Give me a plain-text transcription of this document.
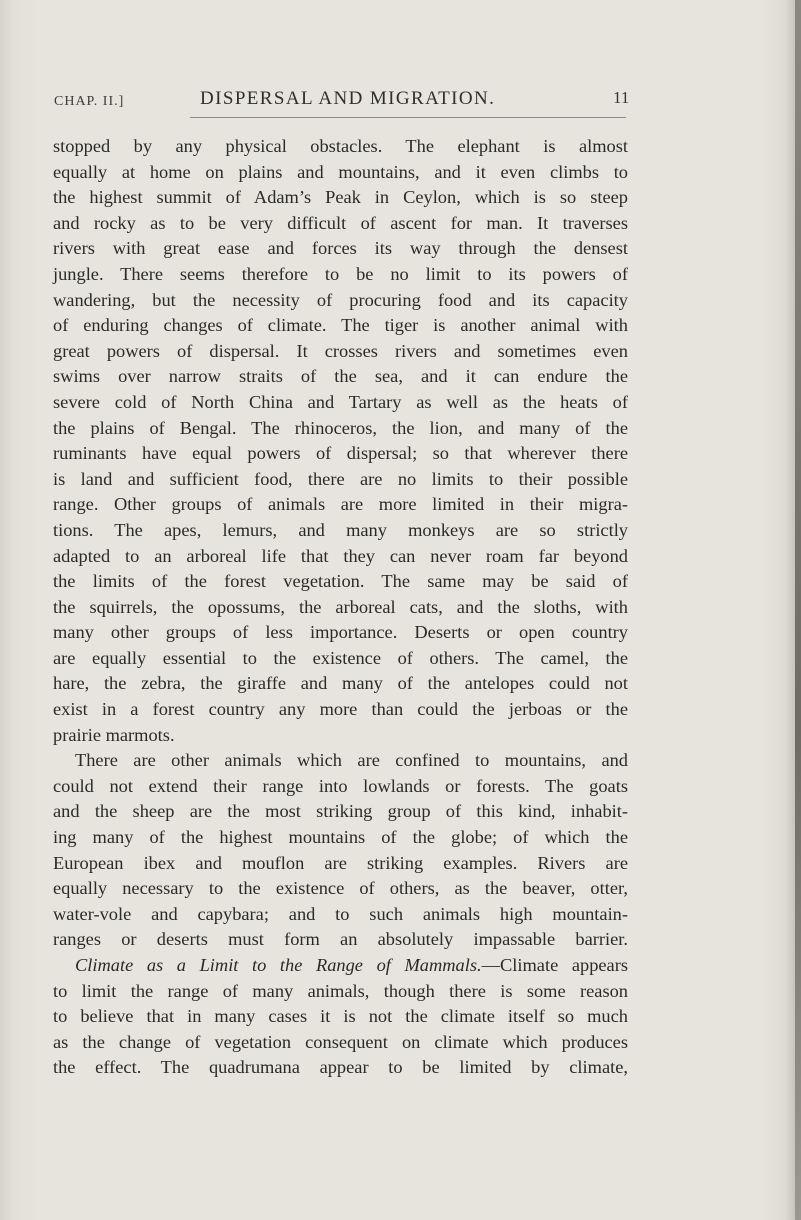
CHAP. II.]	DISPERSAL AND MIGRATION.	11
stopped by any physical obstacles. The elephant is almost
equally at home on plains and mountains, and it even climbs to
the highest summit of Adam’s Peak in Ceylon, which is so steep
and rocky as to be very difficult of ascent for man. It traverses
rivers with great ease and forces its way through the densest
jungle. There seems therefore to be no limit to its powers of
wandering, but the necessity of procuring food and its capacity
of enduring changes of climate. The tiger is another animal with
great powers of dispersal. It crosses rivers and sometimes even
swims over narrow straits of the sea, and it can endure the
severe cold of North China and Tartary as well as the heats of
the plains of Bengal. The rhinoceros, the lion, and many of the
ruminants have equal powers of dispersal; so that wherever there
is land and sufficient food, there are no limits to their possible
range. Other groups of animals are more limited in their migra-
tions. The apes, lemurs, and many monkeys are so strictly
adapted to an arboreal life that they can never roam far beyond
the limits of the forest vegetation. The same may be said of
the squirrels, the opossums, the arboreal cats, and the sloths, with
many other groups of less importance. Deserts or open country
are equally essential to the existence of others. The camel, the
hare, the zebra, the giraffe and many of the antelopes could not
exist in a forest country any more than could the jerboas or the
prairie marmots.
There are other animals which are confined to mountains, and
could not extend their range into lowlands or forests. The goats
and the sheep are the most striking group of this kind, inhabit-
ing many of the highest mountains of the globe; of which the
European ibex and mouflon are striking examples. Rivers are
equally necessary to the existence of others, as the beaver, otter,
water-vole and capybara; and to such animals high mountain-
ranges or deserts must form an absolutely impassable barrier.
Climate as a Limit to the Range of Mammals.—Climate appears
to limit the range of many animals, though there is some reason
to believe that in many cases it is not the climate itself so much
as the change of vegetation consequent on climate which produces
the effect. The quadrumana appear to be limited by climate,
